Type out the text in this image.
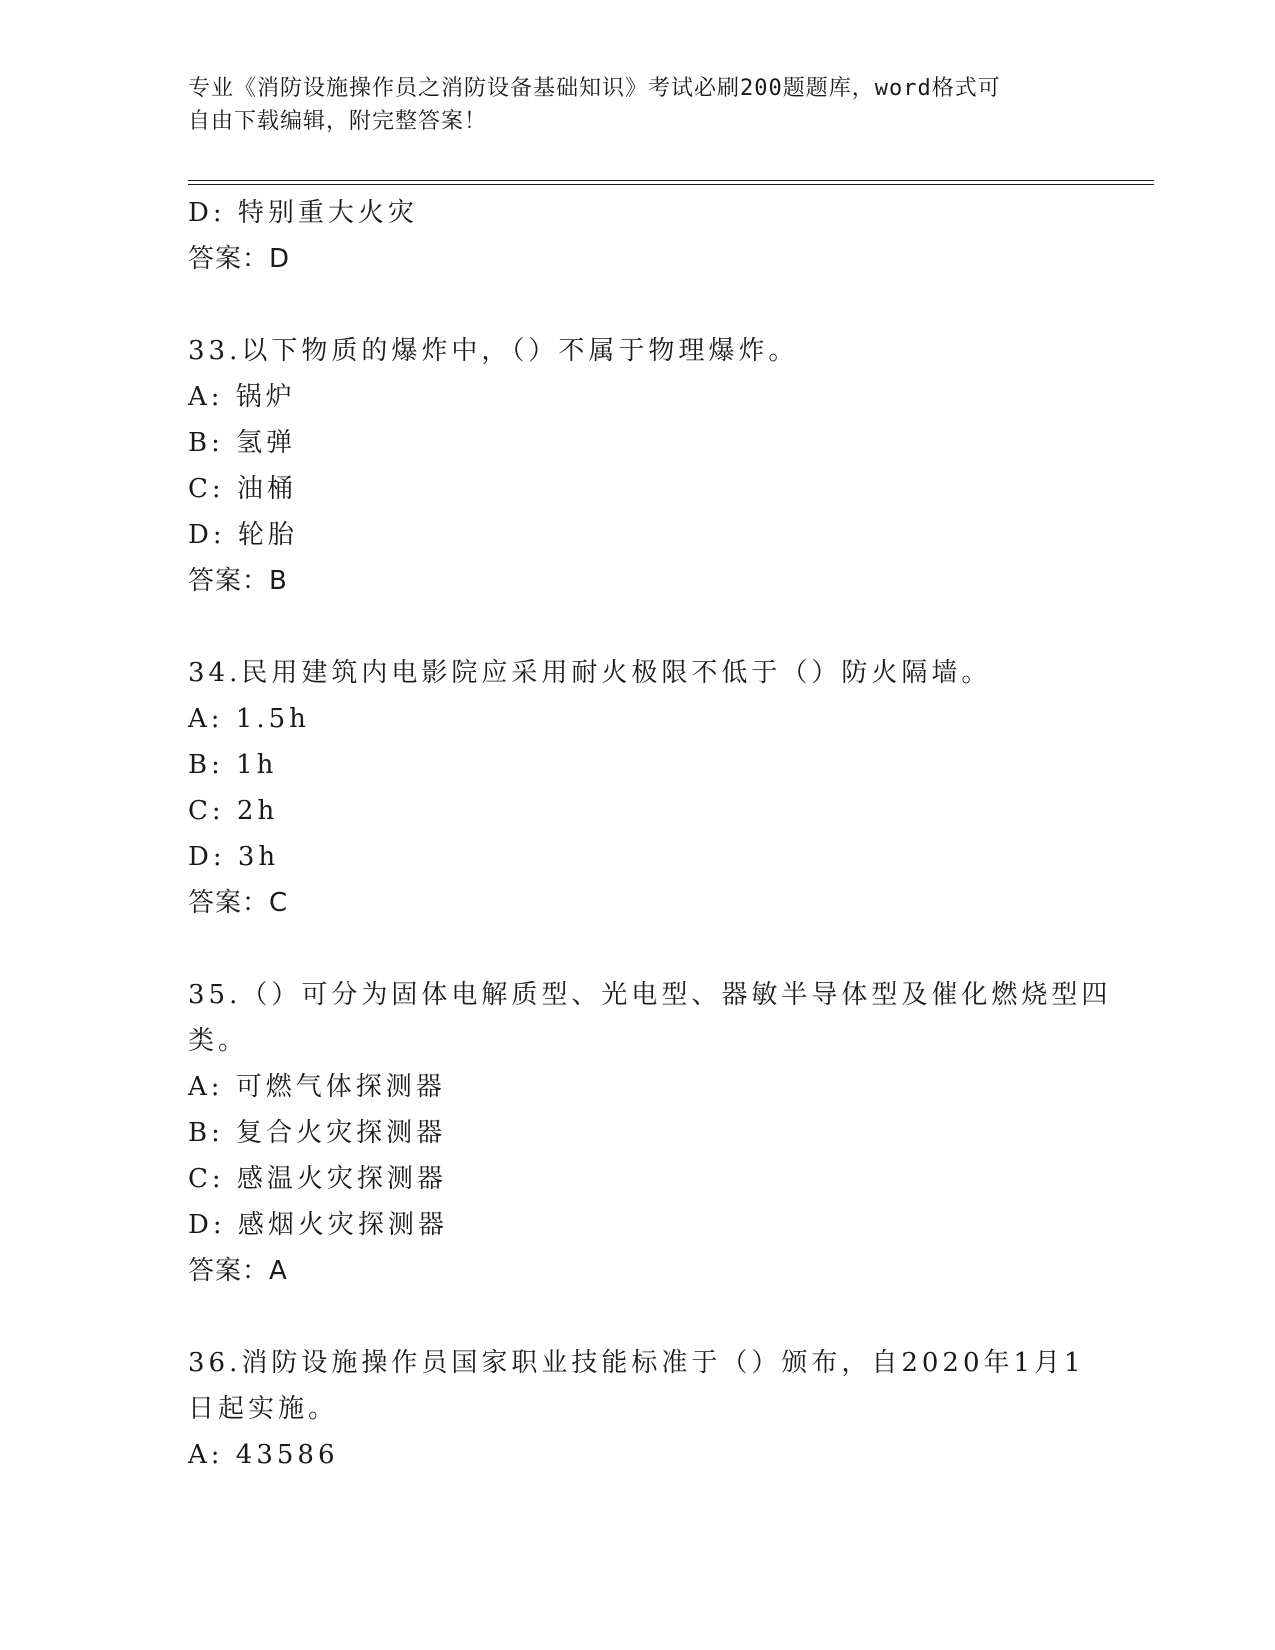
专业《消防设施操作员之消防设备基础知识》考试必刷200题题库，word格式可
自由下载编辑，附完整答案！
D: 特别重大火灾
答案：D
33.以下物质的爆炸中，（）不属于物理爆炸。
A: 锅炉
B: 氢弹
C: 油桶
D: 轮胎
答案：B
34.民用建筑内电影院应采用耐火极限不低于（）防火隔墙。
A: 1.5h
B: 1h
C: 2h
D: 3h
答案：C
35.（）可分为固体电解质型、光电型、器敏半导体型及催化燃烧型四
类。
A: 可燃气体探测器
B: 复合火灾探测器
C: 感温火灾探测器
D: 感烟火灾探测器
答案：A
36.消防设施操作员国家职业技能标准于（）颁布，自2020年1月1
日起实施。
A: 43586
